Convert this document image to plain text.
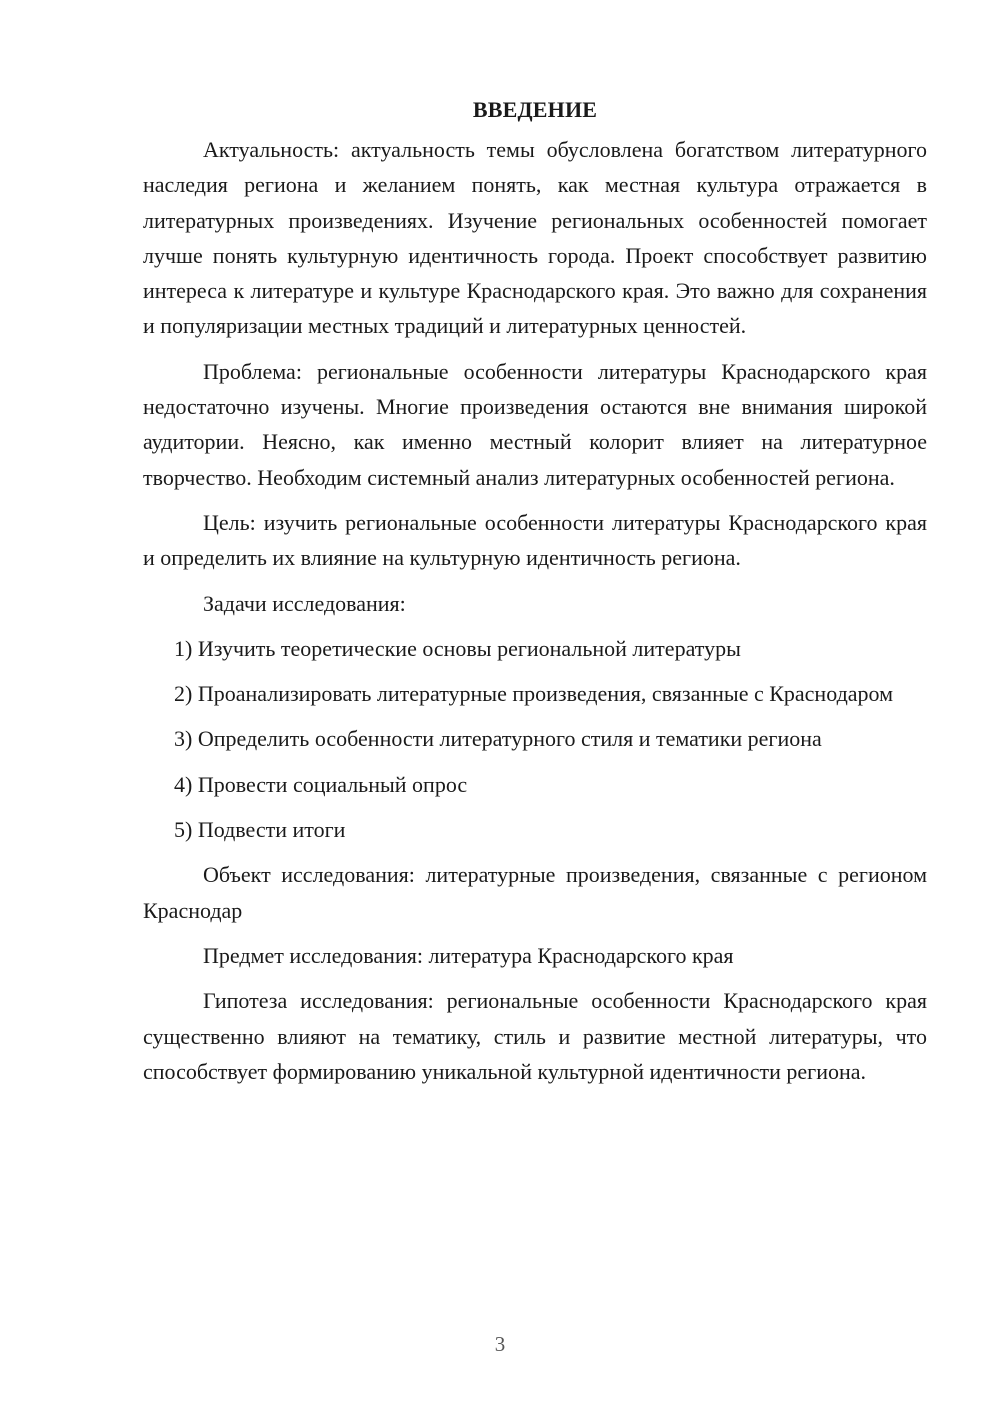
ВВЕДЕНИЕ

Актуальность: актуальность темы обусловлена богатством литературного наследия региона и желанием понять, как местная культура отражается в литературных произведениях. Изучение региональных особенностей помогает лучше понять культурную идентичность города. Проект способствует развитию интереса к литературе и культуре Краснодарского края. Это важно для сохранения и популяризации местных традиций и литературных ценностей.

Проблема: региональные особенности литературы Краснодарского края недостаточно изучены. Многие произведения остаются вне внимания широкой аудитории. Неясно, как именно местный колорит влияет на литературное творчество. Необходим системный анализ литературных особенностей региона.

Цель: изучить региональные особенности литературы Краснодарского края и определить их влияние на культурную идентичность региона.

Задачи исследования:

1) Изучить теоретические основы региональной литературы

2) Проанализировать литературные произведения, связанные с Краснодаром

3) Определить особенности литературного стиля и тематики региона

4) Провести социальный опрос

5) Подвести итоги

Объект исследования: литературные произведения, связанные с регионом Краснодар

Предмет исследования: литература Краснодарского края

Гипотеза исследования: региональные особенности Краснодарского края существенно влияют на тематику, стиль и развитие местной литературы, что способствует формированию уникальной культурной идентичности региона.

3
